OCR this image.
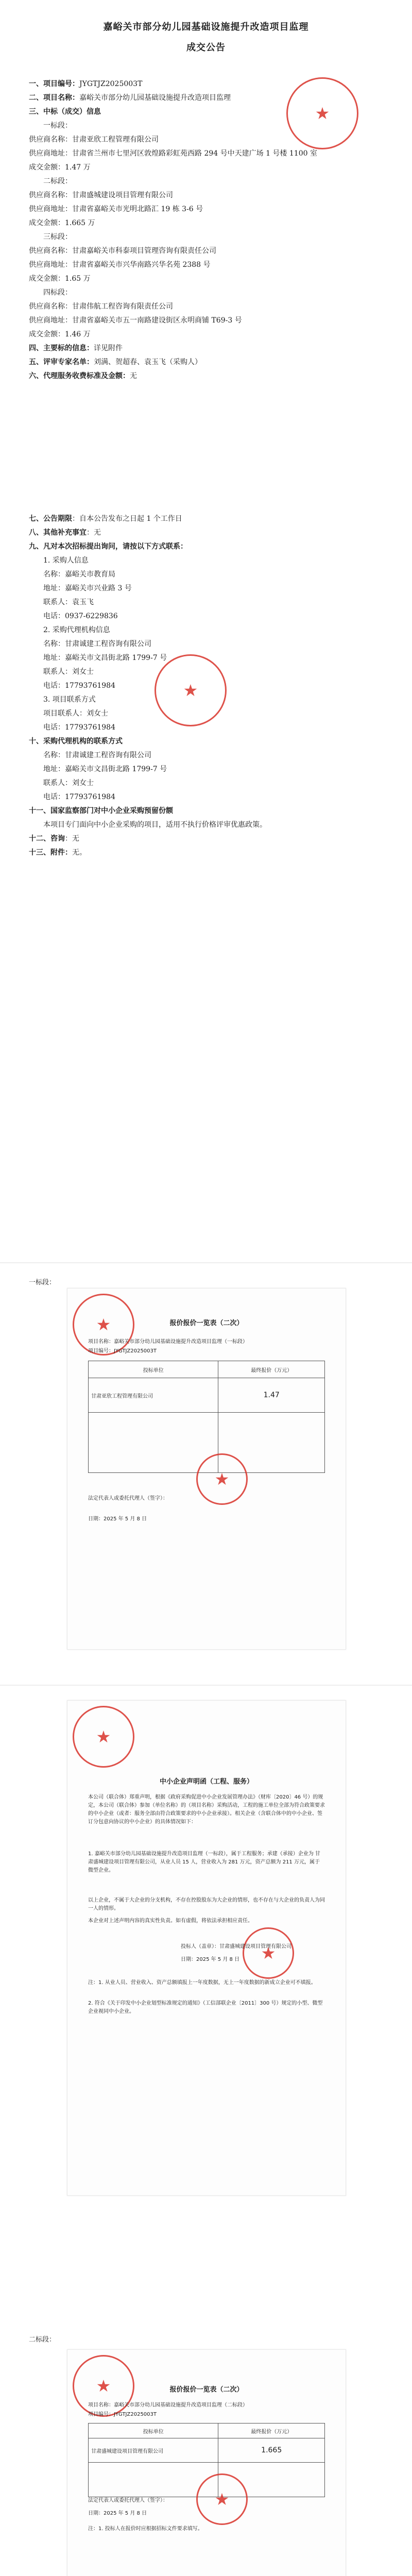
嘉峪关市部分幼儿园基础设施提升改造项目监理
成交公告

一、项目编号：JYGTJZ2025003T

二、项目名称：嘉峪关市部分幼儿园基础设施提升改造项目监理

三、中标（成交）信息

一标段：

供应商名称：甘肃亚欣工程管理有限公司

供应商地址：甘肃省兰州市七里河区敦煌路彩虹苑西路 294 号中天建广场 1 号楼 1100 室

成交金额：1.47 万

二标段：

供应商名称：甘肃盛城建设项目管理有限公司

供应商地址：甘肃省嘉峪关市光明北路汇 19 栋 3-6 号

成交金额：1.665 万

三标段：

供应商名称：甘肃嘉峪关市科泰项目管理咨询有限责任公司

供应商地址：甘肃省嘉峪关市兴华南路兴华名苑 2388 号

成交金额：1.65 万

四标段：

供应商名称：甘肃伟航工程咨询有限责任公司

供应商地址：甘肃省嘉峪关市五一南路建设街区永明商铺 T69-3 号

成交金额：1.46 万

四、主要标的信息：详见附件

五、评审专家名单：刘满、贺超春、袁玉飞（采购人）

六、代理服务收费标准及金额：无

七、公告期限：自本公告发布之日起 1 个工作日

八、其他补充事宜：无

九、凡对本次招标提出询问，请按以下方式联系：

1. 采购人信息

名称：嘉峪关市教育局

地址：嘉峪关市兴业路 3 号

联系人：袁玉飞

电话：0937-6229836

2. 采购代理机构信息

名称：甘肃诚建工程咨询有限公司

地址：嘉峪关市文昌街北路 1799-7 号

联系人：刘女士

电话：17793761984

3. 项目联系方式

项目联系人：刘女士

电话：17793761984

十、采购代理机构的联系方式

名称：甘肃诚建工程咨询有限公司

地址：嘉峪关市文昌街北路 1799-7 号

联系人：刘女士

电话：17793761984

十一、国家监察部门对中小企业采购预留份额

本项目专门面向中小企业采购的项目，适用不执行价格评审优惠政策。

十二、咨询：无

十三、附件：无。

★
★
一标段：
★	报价报价一览表（二次）
项目名称：嘉峪关市部分幼儿园基础设施提升改造项目监理（一标段）
项目编号：JYGTJZ2025003T
投标单位	最终报价（万元）
甘肃亚欣工程管理有限公司	1.47

★
法定代表人或委托代理人（签字）：
日期：2025 年 5 月 8 日
★
中小企业声明函（工程、服务）
本公司（联合体）郑重声明，根据《政府采购促进中小企业发展管理办法》（财库〔2020〕46 号）的规定，本公司（联合体）参加（单位名称）的（项目名称）采购活动，工程的施工单位全部为符合政策要求的中小企业（或者：服务全部由符合政策要求的中小企业承接）。相关企业（含联合体中的中小企业、签订分包意向协议的中小企业）的具体情况如下：
1. 嘉峪关市部分幼儿园基础设施提升改造项目监理（一标段），属于工程服务；承建（承接）企业为 甘肃盛城建设项目管理有限公司，从业人员 15 人，营业收入为 281 万元，资产总额为 211 万元，属于 微型企业。
以上企业，不属于大企业的分支机构，不存在控股股东为大企业的情形，也不存在与大企业的负责人为同一人的情形。
本企业对上述声明内容的真实性负责。如有虚假，将依法承担相应责任。
★
投标人（盖章）：甘肃盛城建设项目管理有限公司
日期：2025 年 5 月 8 日
注：1. 从业人员、营业收入、资产总额填报上一年度数据，无上一年度数据的新成立企业可不填报。
2. 符合《关于印发中小企业划型标准规定的通知》（工信部联企业〔2011〕300 号）规定的小型、微型企业视同中小企业。
二标段：
★	报价报价一览表（二次）
项目名称：嘉峪关市部分幼儿园基础设施提升改造项目监理（二标段）
项目编号：JYGTJZ2025003T
投标单位	最终报价（万元）
甘肃盛城建设项目管理有限公司	1.665

★
法定代表人或委托代理人（签字）：
日期：2025 年 5 月 8 日
注：1. 投标人在报价时应根据招标文件要求填写。
